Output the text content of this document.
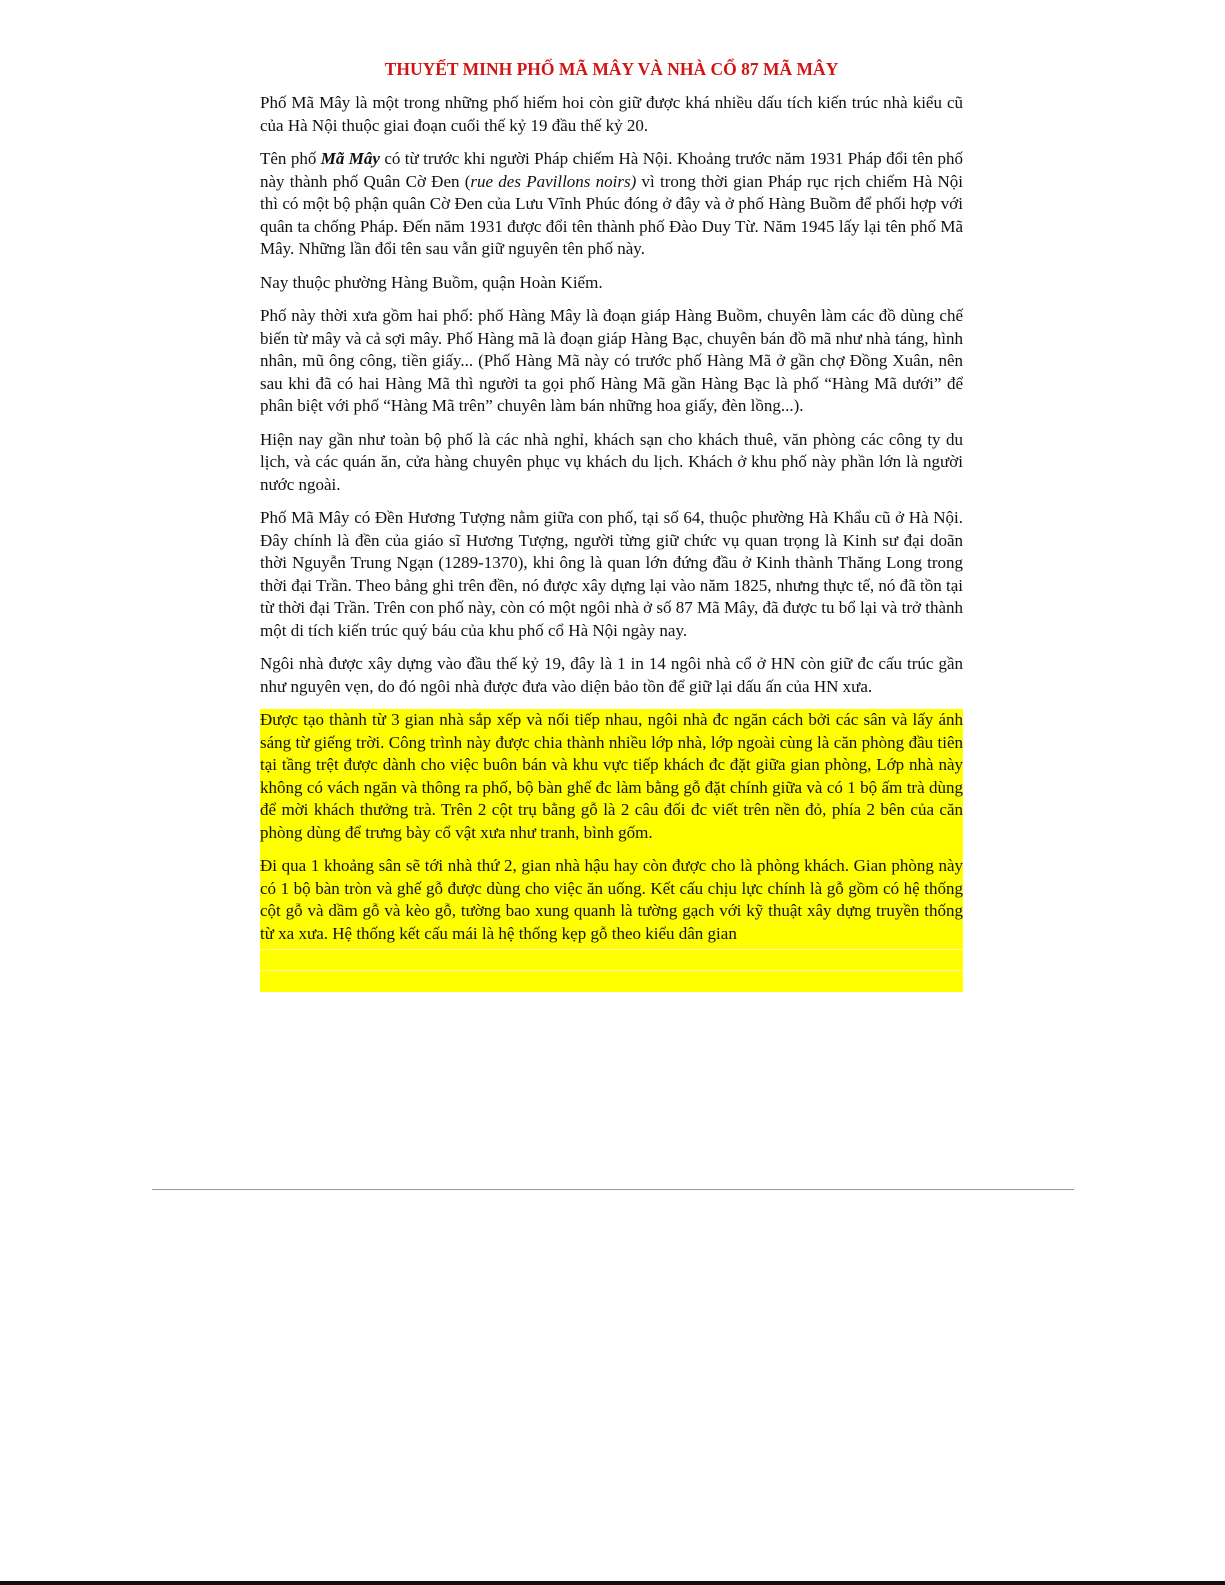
THUYẾT MINH PHỐ MÃ MÂY VÀ NHÀ CỔ 87 MÃ MÂY

Phố Mã Mây là một trong những phố hiếm hoi còn giữ được khá nhiều dấu tích kiến trúc nhà kiểu cũ của Hà Nội thuộc giai đoạn cuối thế kỷ 19 đầu thế kỷ 20.

Tên phố Mã Mây có từ trước khi người Pháp chiếm Hà Nội. Khoảng trước năm 1931 Pháp đổi tên phố này thành phố Quân Cờ Đen (rue des Pavillons noirs) vì trong thời gian Pháp rục rịch chiếm Hà Nội thì có một bộ phận quân Cờ Đen của Lưu Vĩnh Phúc đóng ở đây và ở phố Hàng Buồm để phối hợp với quân ta chống Pháp. Đến năm 1931 được đổi tên thành phố Đào Duy Từ. Năm 1945 lấy lại tên phố Mã Mây. Những lần đổi tên sau vẫn giữ nguyên tên phố này.

Nay thuộc phường Hàng Buồm, quận Hoàn Kiếm.

Phố này thời xưa gồm hai phố: phố Hàng Mây là đoạn giáp Hàng Buồm, chuyên làm các đồ dùng chế biến từ mây và cả sợi mây. Phố Hàng mã là đoạn giáp Hàng Bạc, chuyên bán đồ mã như nhà táng, hình nhân, mũ ông công, tiền giấy... (Phố Hàng Mã này có trước phố Hàng Mã ở gần chợ Đồng Xuân, nên sau khi đã có hai Hàng Mã thì người ta gọi phố Hàng Mã gần Hàng Bạc là phố “Hàng Mã dưới” để phân biệt với phố “Hàng Mã trên” chuyên làm bán những hoa giấy, đèn lồng...).

Hiện nay gần như toàn bộ phố là các nhà nghỉ, khách sạn cho khách thuê, văn phòng các công ty du lịch, và các quán ăn, cửa hàng chuyên phục vụ khách du lịch. Khách ở khu phố này phần lớn là người nước ngoài.

Phố Mã Mây có Đền Hương Tượng nằm giữa con phố, tại số 64, thuộc phường Hà Khẩu cũ ở Hà Nội. Đây chính là đền của giáo sĩ Hương Tượng, người từng giữ chức vụ quan trọng là Kinh sư đại doãn thời Nguyễn Trung Ngạn (1289-1370), khi ông là quan lớn đứng đầu ở Kinh thành Thăng Long trong thời đại Trần. Theo bảng ghi trên đền, nó được xây dựng lại vào năm 1825, nhưng thực tế, nó đã tồn tại từ thời đại Trần. Trên con phố này, còn có một ngôi nhà ở số 87 Mã Mây, đã được tu bổ lại và trở thành một di tích kiến trúc quý báu của khu phố cổ Hà Nội ngày nay.

Ngôi nhà được xây dựng vào đầu thế kỷ 19, đây là 1 in 14 ngôi nhà cổ ở HN còn giữ đc cấu trúc gần như nguyên vẹn, do đó ngôi nhà được đưa vào diện bảo tồn để giữ lại dấu ấn của HN xưa.

Được tạo thành từ 3 gian nhà sắp xếp và nối tiếp nhau, ngôi nhà đc ngăn cách bởi các sân và lấy ánh sáng từ giếng trời. Công trình này được chia thành nhiều lớp nhà, lớp ngoài cùng là căn phòng đầu tiên tại tầng trệt được dành cho việc buôn bán và khu vực tiếp khách đc đặt giữa gian phòng, Lớp nhà này không có vách ngăn và thông ra phố, bộ bàn ghế đc làm bằng gỗ đặt chính giữa và có 1 bộ ấm trà dùng để mời khách thưởng trà. Trên 2 cột trụ bằng gỗ là 2 câu đối đc viết trên nền đỏ, phía 2 bên của căn phòng dùng để trưng bày cổ vật xưa như tranh, bình gốm.

Đi qua 1 khoảng sân sẽ tới nhà thứ 2, gian nhà hậu hay còn được cho là phòng khách. Gian phòng này có 1 bộ bàn tròn và ghế gỗ được dùng cho việc ăn uống. Kết cấu chịu lực chính là gỗ gồm có hệ thống cột gỗ và dầm gỗ và kèo gỗ, tường bao xung quanh là tường gạch với kỹ thuật xây dựng truyền thống từ xa xưa. Hệ thống kết cấu mái là hệ thống kẹp gỗ theo kiểu dân gian
